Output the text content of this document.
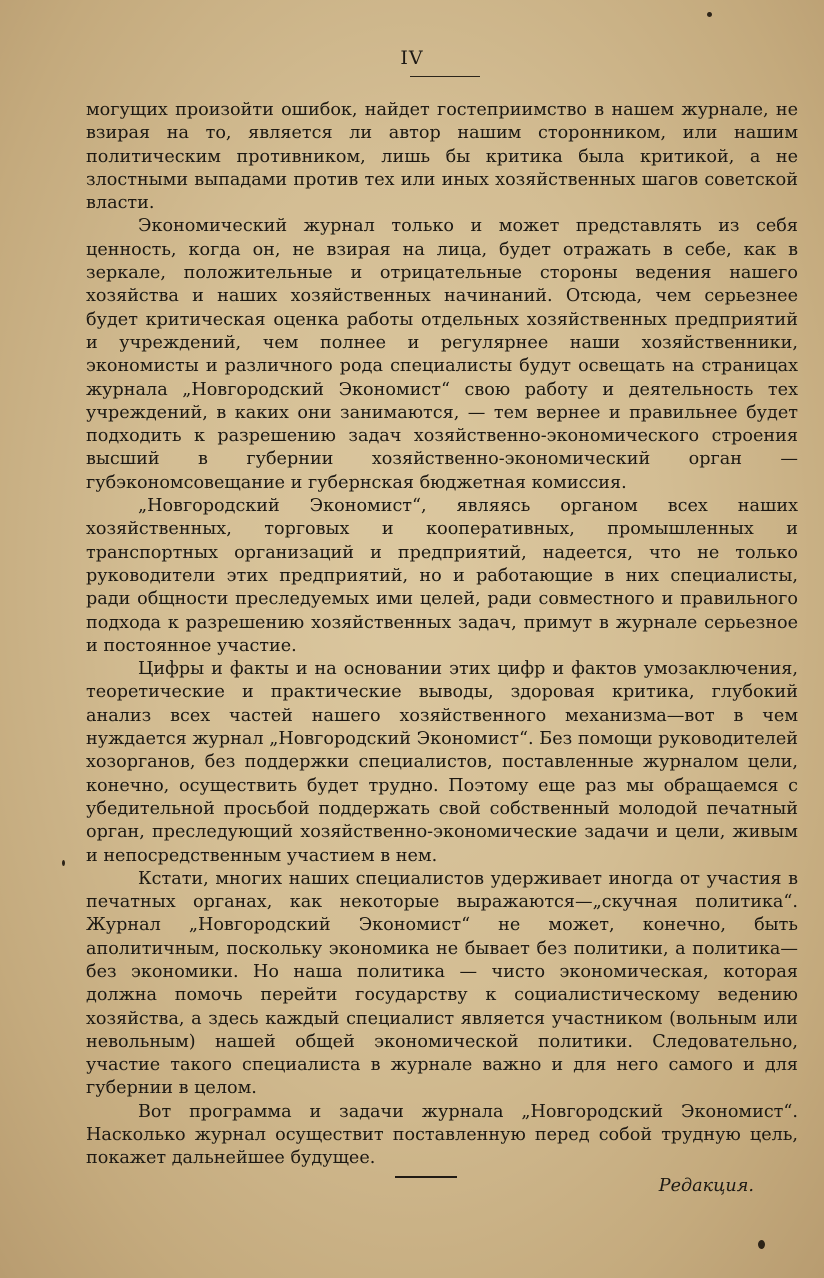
IV

могущих произойти ошибок, найдет гостеприимство в нашем журнале, не взирая на то, является ли автор нашим сторонником, или нашим политическим противником, лишь бы критика была критикой, а не злостными выпадами против тех или иных хозяйственных шагов советской власти.

Экономический журнал только и может представлять из себя ценность, когда он, не взирая на лица, будет отражать в себе, как в зеркале, положительные и отрицательные стороны ведения нашего хозяйства и наших хозяйственных начинаний. Отсюда, чем серьезнее будет критическая оценка работы отдельных хозяйственных предприятий и учреждений, чем полнее и регулярнее наши хозяйственники, экономисты и различного рода специалисты будут освещать на страницах журнала „Новгородский Экономист“ свою работу и деятельность тех учреждений, в каких они занимаются, — тем вернее и правильнее будет подходить к разрешению задач хозяйственно-экономического строения высший в губернии хозяйственно-экономический орган — губэкономсовещание и губернская бюджетная комиссия.

„Новгородский Экономист“, являясь органом всех наших хозяйственных, торговых и кооперативных, промышленных и транспортных организаций и предприятий, надеется, что не только руководители этих предприятий, но и работающие в них специалисты, ради общности преследуемых ими целей, ради совместного и правильного подхода к разрешению хозяйственных задач, примут в журнале серьезное и постоянное участие.

Цифры и факты и на основании этих цифр и фактов умозаключения, теоретические и практические выводы, здоровая критика, глубокий анализ всех частей нашего хозяйственного механизма—вот в чем нуждается журнал „Новгородский Экономист“. Без помощи руководителей хозорганов, без поддержки специалистов, поставленные журналом цели, конечно, осуществить будет трудно. Поэтому еще раз мы обращаемся с убедительной просьбой поддержать свой собственный молодой печатный орган, преследующий хозяйственно-экономические задачи и цели, живым и непосредственным участием в нем.

Кстати, многих наших специалистов удерживает иногда от участия в печатных органах, как некоторые выражаются—„скучная политика“. Журнал „Новгородский Экономист“ не может, конечно, быть аполитичным, поскольку экономика не бывает без политики, а политика— без экономики. Но наша политика — чисто экономическая, которая должна помочь перейти государству к социалистическому ведению хозяйства, а здесь каждый специалист является участником (вольным или невольным) нашей общей экономической политики. Следовательно, участие такого специалиста в журнале важно и для него самого и для губернии в целом.

Вот программа и задачи журнала „Новгородский Экономист“. Насколько журнал осуществит поставленную перед собой трудную цель, покажет дальнейшее будущее.

Редакция.
